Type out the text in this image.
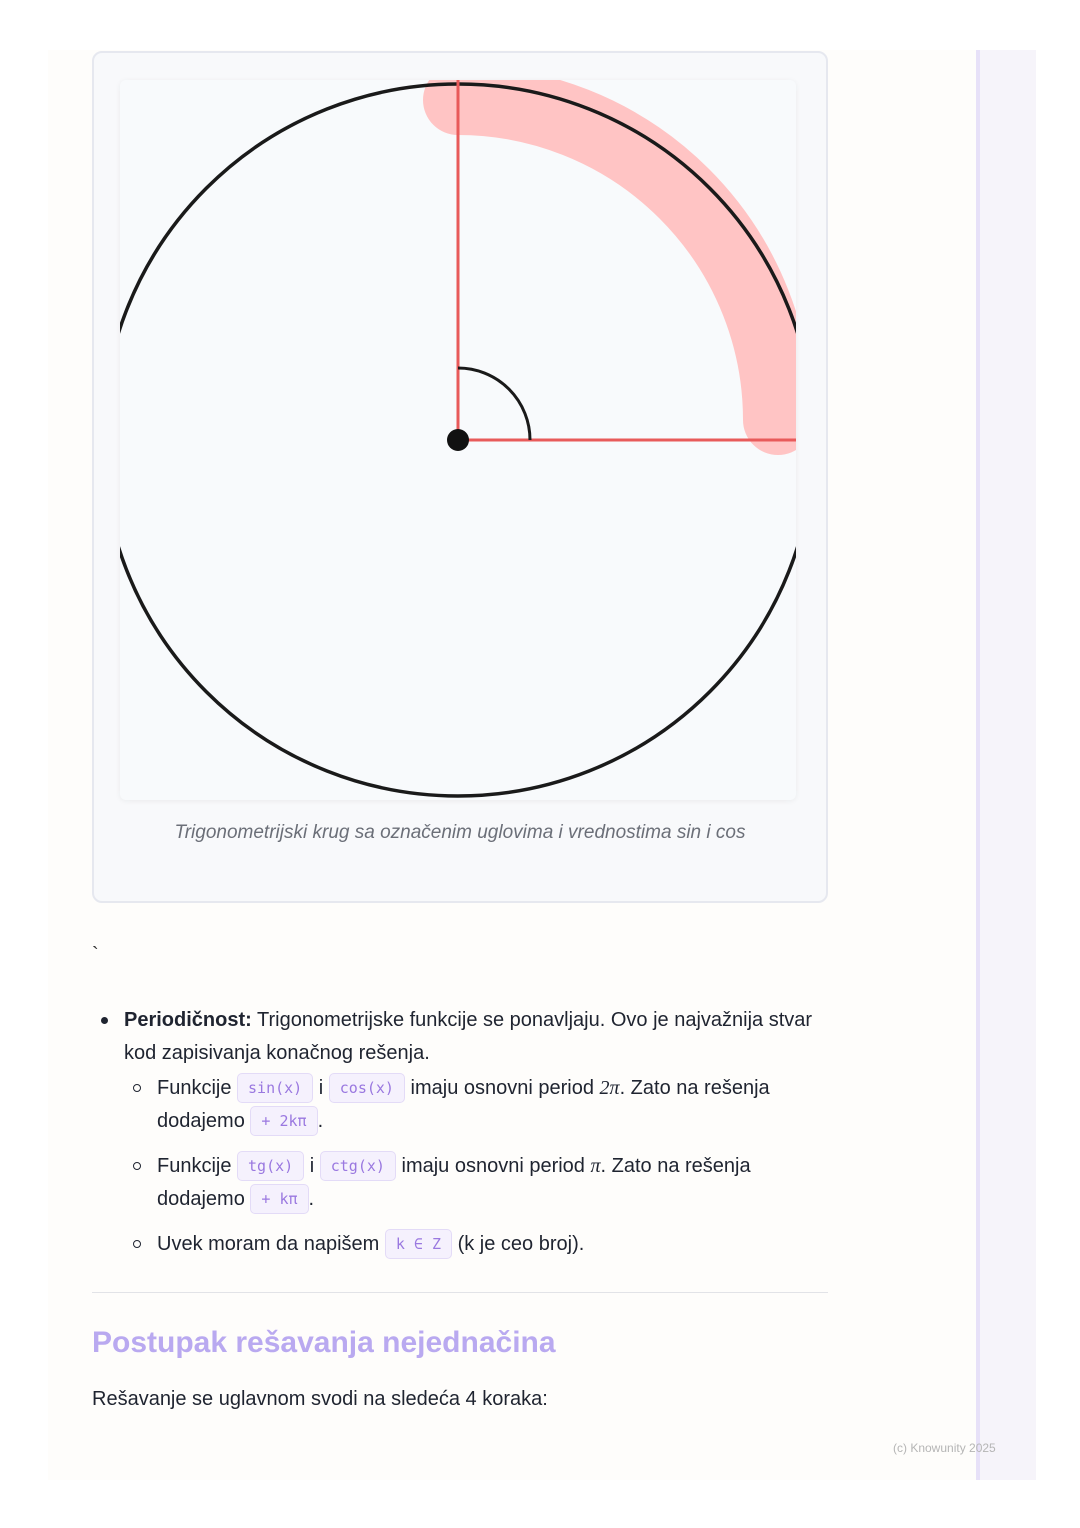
Trigonometrijski krug sa označenim uglovima i vrednostima sin i cos
`
Periodičnost: Trigonometrijske funkcije se ponavljaju. Ovo je najvažnija stvar kod zapisivanja konačnog rešenja.
Funkcije sin(x) i cos(x) imaju osnovni period 2π. Zato na rešenja dodajemo + 2kπ .
Funkcije tg(x) i ctg(x) imaju osnovni period π. Zato na rešenja dodajemo + kπ .
Uvek moram da napišem k ∈ Z (k je ceo broj).
Postupak rešavanja nejednačina
Rešavanje se uglavnom svodi na sledeća 4 koraka:
(c) Knowunity 2025
